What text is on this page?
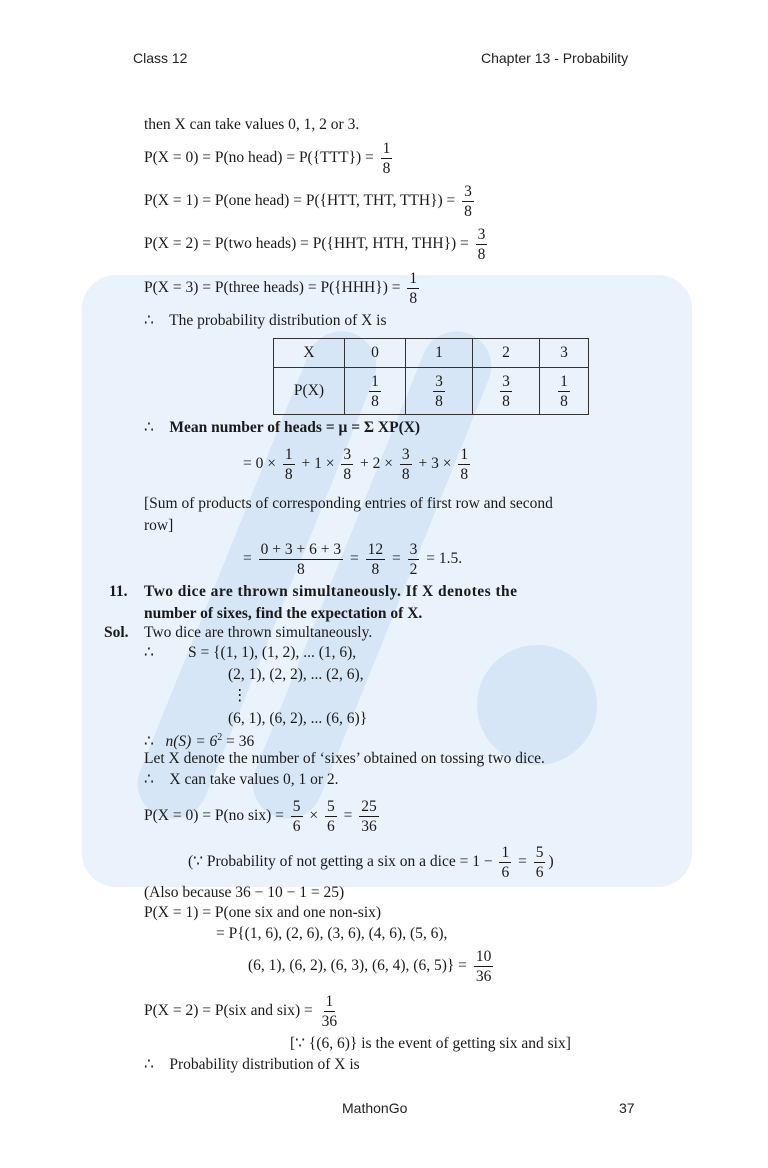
Class 12	Chapter 13 - Probability
then X can take values 0, 1, 2 or 3.
P(X = 0) = P(no head) = $P(\{TTT\}) = \frac{1}{8}$
P(X = 1) = P(one head) = P({HTT, THT, $TTH\}) = \frac{3}{8}$
P(X = 2) = P(two heads) = P({HHT, HTH, $THH\}) = \frac{3}{8}$
P(X = 3) = P(three heads) = $P(\{HHH\}) = \frac{1}{8}$
∴ The probability distribution of X is
X	0	1	2	3
P(X)	$\frac{1}{8}$	$\frac{3}{8}$	$\frac{3}{8}$	$\frac{1}{8}$
∴ Mean number of heads = μ = Σ XP(X)
= $0 \times \frac{1}{8} + 1 \times \frac{3}{8} + 2 \times \frac{3}{8} + 3 \times \frac{1}{8}$
[Sum of products of corresponding entries of first row and second
row]
= $\frac{0 + 3 + 6 + 3}{8} = \frac{12}{8} = \frac{3}{2} = 1.5$.
11. Two dice are thrown simultaneously. If X denotes the
number of sixes, find the expectation of X.
Sol. Two dice are thrown simultaneously.
∴ S = {(1, 1), (1, 2), ... (1, 6),
(2, 1), (2, 2), ... (2, 6),
⋮
(6, 1), (6, 2), ... (6, 6)}
∴ $n(S) = 6^2 = 36$
Let X denote the number of ‘sixes’ obtained on tossing two dice.
∴ X can take values 0, 1 or 2.
P(X = 0) = P(no $six) = \frac{5}{6} \times \frac{5}{6} = \frac{25}{36}$
(∵ Probability of not getting a six on a dice = $1 - \frac{1}{6} = \frac{5}{6}$ )
(Also because 36 − 10 − 1 = 25)
P(X = 1) = P(one six and one non-six)
= P{(1, 6), (2, 6), (3, 6), (4, 6), (5, 6),
(6, 1), (6, 2), (6, 3), (6, 4), (6, $5)\} = \frac{10}{36}$
P(X = 2) = P(six and $six) = \frac{1}{36}$
[∵ {(6, 6)} is the event of getting six and six]
∴ Probability distribution of X is
MathonGo	37
